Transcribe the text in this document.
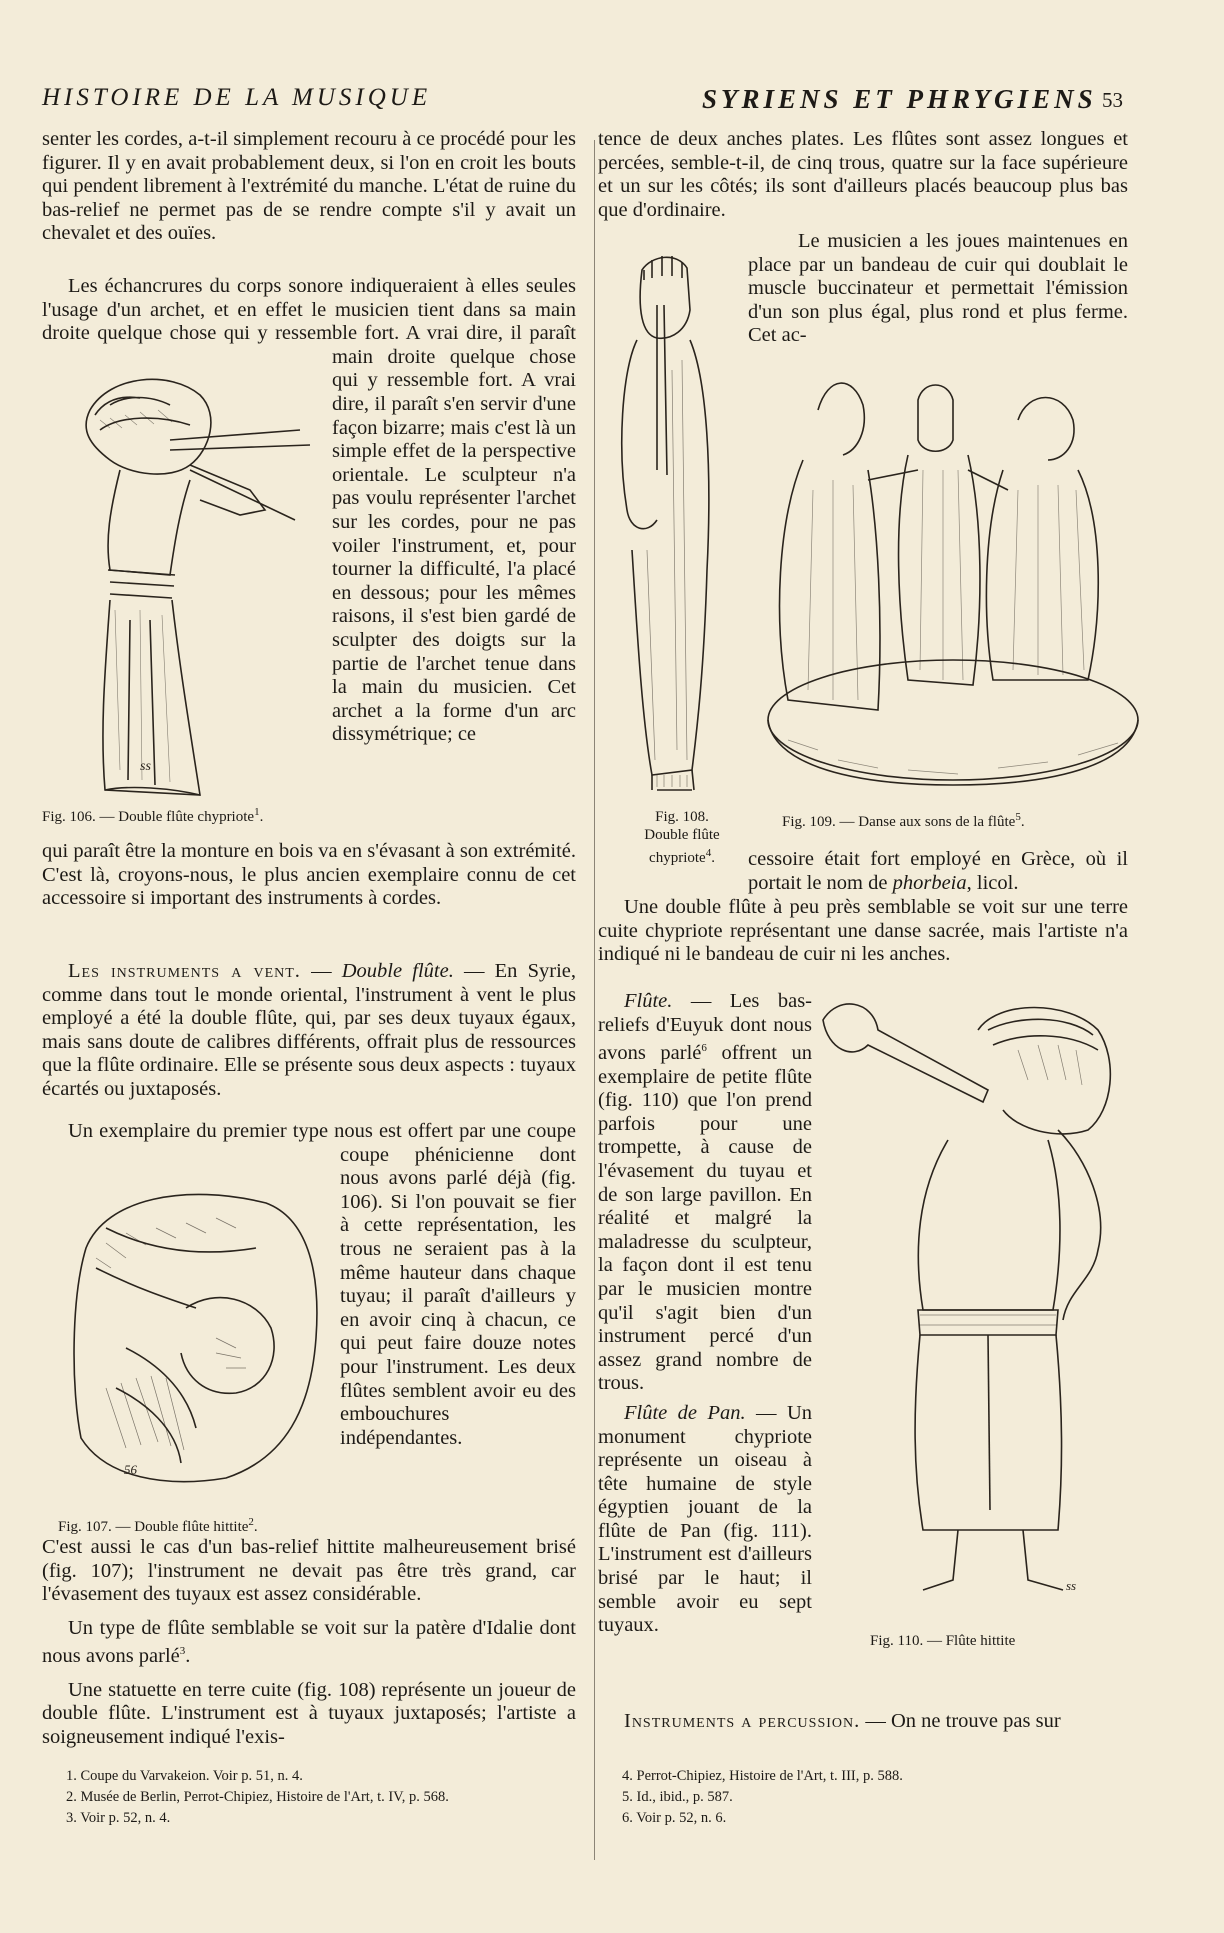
HISTOIRE DE LA MUSIQUE	SYRIENS ET PHRYGIENS 53

senter les cordes, a-t-il simplement recouru à ce procédé pour les figurer. Il y en avait probablement deux, si l'on en croit les bouts qui pendent librement à l'extrémité du manche. L'état de ruine du bas-relief ne permet pas de se rendre compte s'il y avait un chevalet et des ouïes.

Les échancrures du corps sonore indiqueraient à elles seules l'usage d'un archet, et en effet le musicien tient dans sa main droite quelque chose qui y ressemble fort. A vrai dire, il paraît

main droite quelque chose qui y ressemble fort. A vrai dire, il paraît s'en servir d'une façon bizarre; mais c'est là un simple effet de la perspective orientale. Le sculpteur n'a pas voulu représenter l'archet sur les cordes, pour ne pas voiler l'instrument, et, pour tourner la difficulté, l'a placé en dessous; pour les mêmes raisons, il s'est bien gardé de sculpter des doigts sur la partie de l'archet tenue dans la main du musicien. Cet archet a la forme d'un arc dissymétrique; ce

ss
Fig. 106. — Double flûte chypriote$^1$.

qui paraît être la monture en bois va en s'évasant à son extrémité. C'est là, croyons-nous, le plus ancien exemplaire connu de cet accessoire si important des instruments à cordes.

Les instruments a vent. — Double flûte. — En Syrie, comme dans tout le monde oriental, l'instrument à vent le plus employé a été la double flûte, qui, par ses deux tuyaux égaux, mais sans doute de calibres différents, offrait plus de ressources que la flûte ordinaire. Elle se présente sous deux aspects : tuyaux écartés ou juxtaposés.

Un exemplaire du premier type nous est offert par une coupe

coupe phénicienne dont nous avons parlé déjà (fig. 106). Si l'on pouvait se fier à cette représentation, les trous ne seraient pas à la même hauteur dans chaque tuyau; il paraît d'ailleurs y en avoir cinq à chacun, ce qui peut faire douze notes pour l'instrument. Les deux flûtes semblent avoir eu des embouchures indépendantes.

56
Fig. 107. — Double flûte hittite$^2$.

C'est aussi le cas d'un bas-relief hittite malheureusement brisé (fig. 107); l'instrument ne devait pas être très grand, car l'évasement des tuyaux est assez considérable.

Un type de flûte semblable se voit sur la patère d'Idalie dont nous avons parlé$^3$.

Une statuette en terre cuite (fig. 108) représente un joueur de double flûte. L'instrument est à tuyaux juxtaposés; l'artiste a soigneusement indiqué l'exis-

tence de deux anches plates. Les flûtes sont assez longues et percées, semble-t-il, de cinq trous, quatre sur la face supérieure et un sur les côtés; ils sont d'ailleurs placés beaucoup plus bas que d'ordinaire.

Le musicien a les joues maintenues en place par un bandeau de cuir qui doublait le muscle buccinateur et permettait l'émission d'un son plus égal, plus rond et plus ferme. Cet ac-

Fig. 108.
Double flûte
chypriote$^4$.
Fig. 109. — Danse aux sons de la flûte$^5$.

cessoire était fort employé en Grèce, où il portait le nom de phorbeia, licol.

Une double flûte à peu près semblable se voit sur une terre cuite chypriote représentant une danse sacrée, mais l'artiste n'a indiqué ni le bandeau de cuir ni les anches.

Flûte. — Les bas-reliefs d'Euyuk dont nous avons parlé$^6$ offrent un exemplaire de petite flûte (fig. 110) que l'on prend parfois pour une trompette, à cause de l'évasement du tuyau et de son large pavillon. En réalité et malgré la maladresse du sculpteur, la façon dont il est tenu par le musicien montre qu'il s'agit bien d'un instrument percé d'un assez grand nombre de trous.

Flûte de Pan. — Un monument chypriote représente un oiseau à tête humaine de style égyptien jouant de la flûte de Pan (fig. 111). L'instrument est d'ailleurs brisé par le haut; il semble avoir eu sept tuyaux.

ss
Fig. 110. — Flûte hittite

Instruments a percussion. — On ne trouve pas sur

1. Coupe du Varvakeion. Voir p. 51, n. 4.
2. Musée de Berlin, Perrot-Chipiez, Histoire de l'Art, t. IV, p. 568.
3. Voir p. 52, n. 4.
4. Perrot-Chipiez, Histoire de l'Art, t. III, p. 588.
5. Id., ibid., p. 587.
6. Voir p. 52, n. 6.
